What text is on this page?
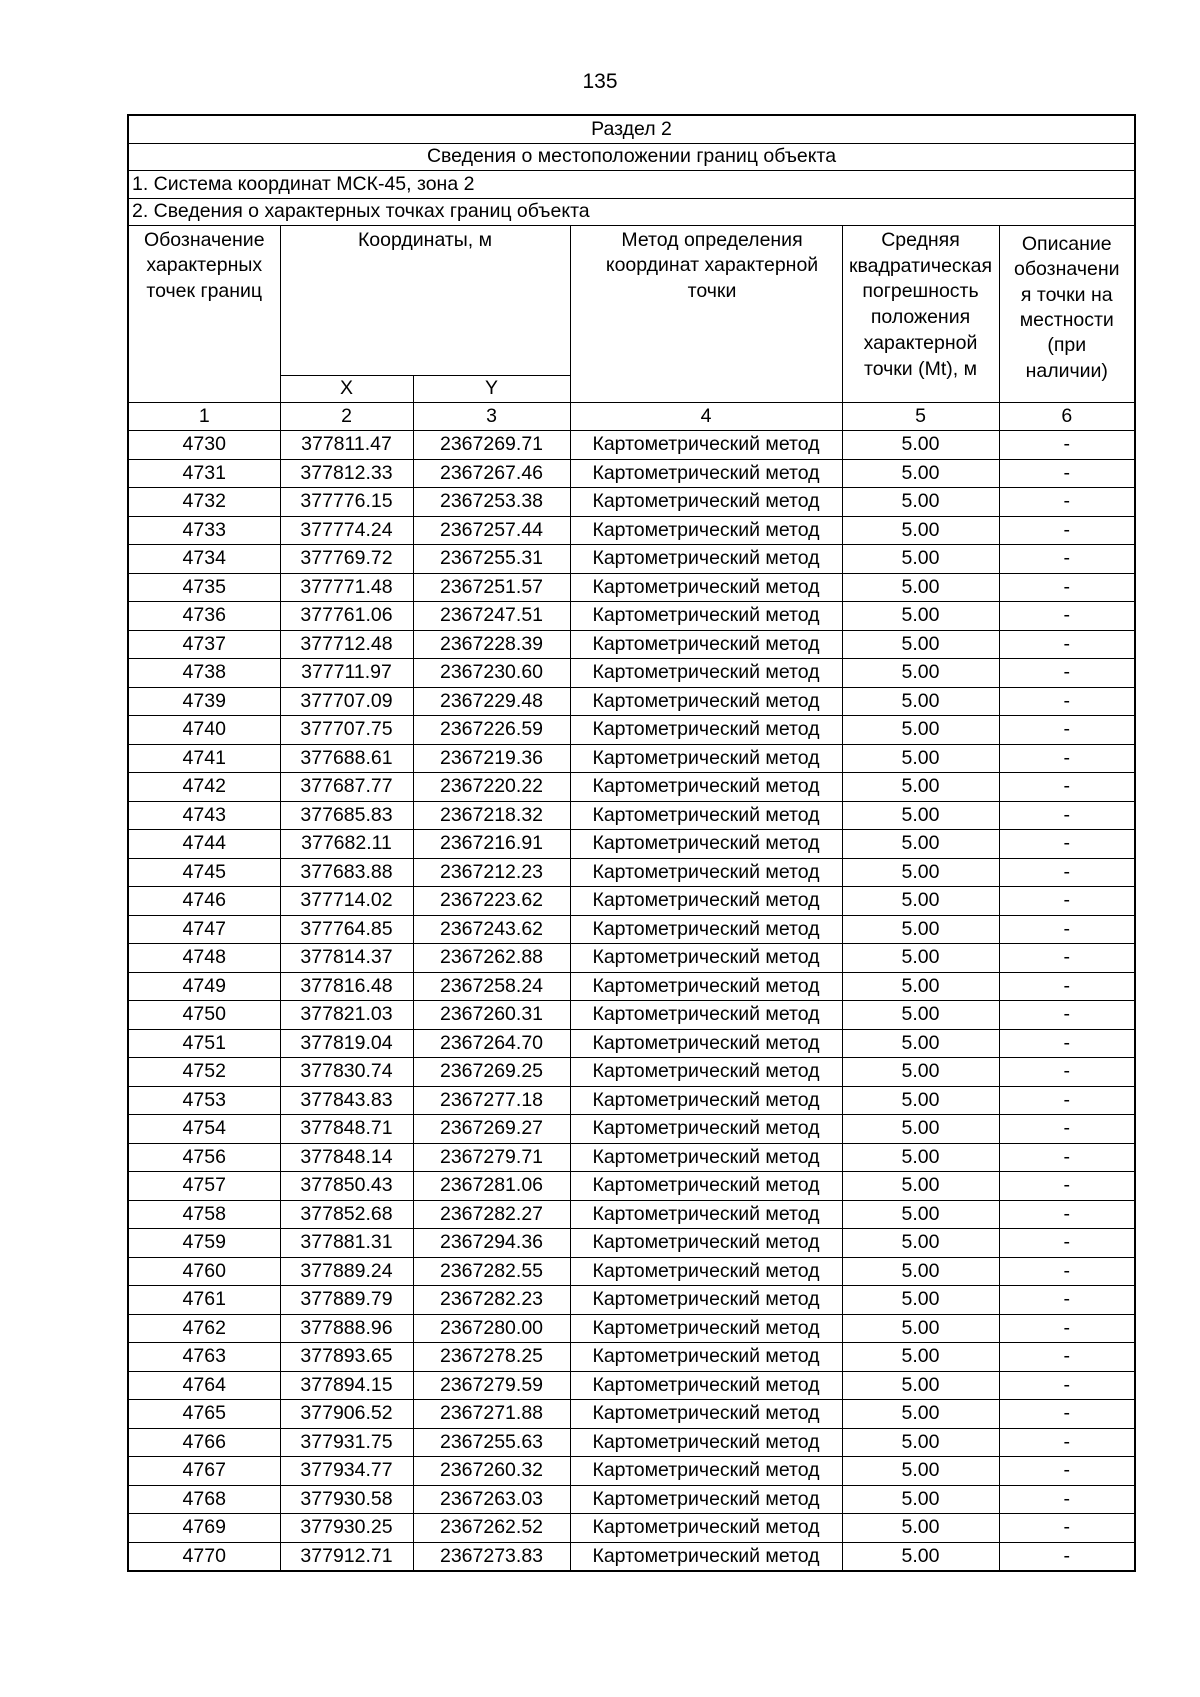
135
Раздел 2					
Сведения о местоположении границ объекта					
1. Система координат МСК-45, зона 2					
2. Сведения о характерных точках границ объекта					
Обозначение характерных точек границ	Координаты, м		Метод определения координат характерной точки	Средняя квадратическая погрешность положения характерной точки (Mt), м	Описание обозначени я точки на местности (при наличии)
	X	Y			
1	2	3	4	5	6
4730	377811.47	2367269.71	Картометрический метод	5.00	-
4731	377812.33	2367267.46	Картометрический метод	5.00	-
4732	377776.15	2367253.38	Картометрический метод	5.00	-
4733	377774.24	2367257.44	Картометрический метод	5.00	-
4734	377769.72	2367255.31	Картометрический метод	5.00	-
4735	377771.48	2367251.57	Картометрический метод	5.00	-
4736	377761.06	2367247.51	Картометрический метод	5.00	-
4737	377712.48	2367228.39	Картометрический метод	5.00	-
4738	377711.97	2367230.60	Картометрический метод	5.00	-
4739	377707.09	2367229.48	Картометрический метод	5.00	-
4740	377707.75	2367226.59	Картометрический метод	5.00	-
4741	377688.61	2367219.36	Картометрический метод	5.00	-
4742	377687.77	2367220.22	Картометрический метод	5.00	-
4743	377685.83	2367218.32	Картометрический метод	5.00	-
4744	377682.11	2367216.91	Картометрический метод	5.00	-
4745	377683.88	2367212.23	Картометрический метод	5.00	-
4746	377714.02	2367223.62	Картометрический метод	5.00	-
4747	377764.85	2367243.62	Картометрический метод	5.00	-
4748	377814.37	2367262.88	Картометрический метод	5.00	-
4749	377816.48	2367258.24	Картометрический метод	5.00	-
4750	377821.03	2367260.31	Картометрический метод	5.00	-
4751	377819.04	2367264.70	Картометрический метод	5.00	-
4752	377830.74	2367269.25	Картометрический метод	5.00	-
4753	377843.83	2367277.18	Картометрический метод	5.00	-
4754	377848.71	2367269.27	Картометрический метод	5.00	-
4756	377848.14	2367279.71	Картометрический метод	5.00	-
4757	377850.43	2367281.06	Картометрический метод	5.00	-
4758	377852.68	2367282.27	Картометрический метод	5.00	-
4759	377881.31	2367294.36	Картометрический метод	5.00	-
4760	377889.24	2367282.55	Картометрический метод	5.00	-
4761	377889.79	2367282.23	Картометрический метод	5.00	-
4762	377888.96	2367280.00	Картометрический метод	5.00	-
4763	377893.65	2367278.25	Картометрический метод	5.00	-
4764	377894.15	2367279.59	Картометрический метод	5.00	-
4765	377906.52	2367271.88	Картометрический метод	5.00	-
4766	377931.75	2367255.63	Картометрический метод	5.00	-
4767	377934.77	2367260.32	Картометрический метод	5.00	-
4768	377930.58	2367263.03	Картометрический метод	5.00	-
4769	377930.25	2367262.52	Картометрический метод	5.00	-
4770	377912.71	2367273.83	Картометрический метод	5.00	-
